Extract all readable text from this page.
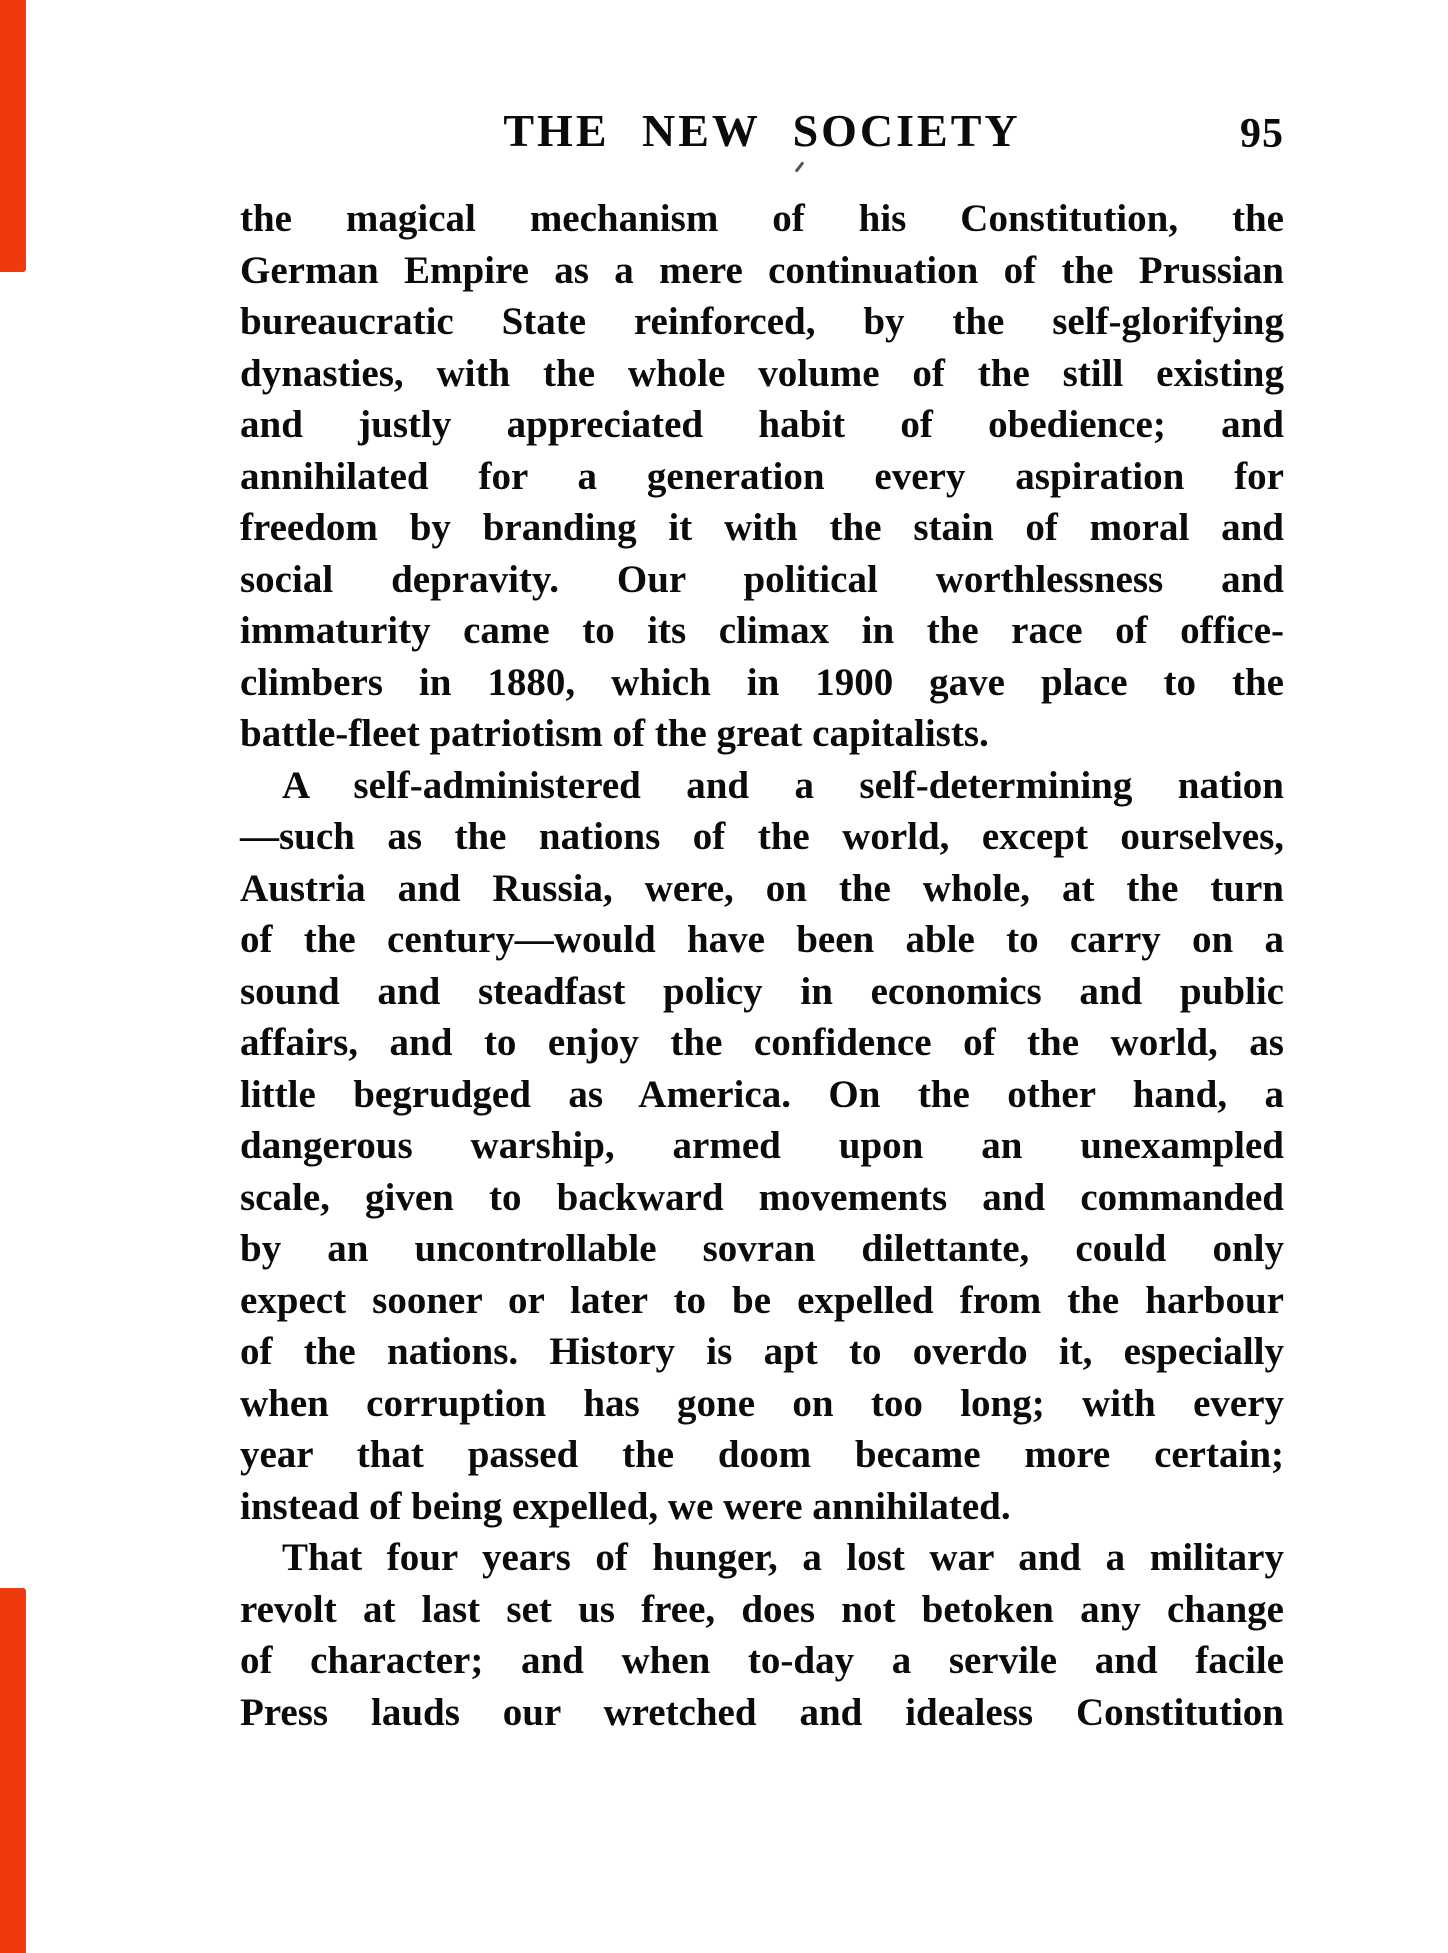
THE NEW SOCIETY	95
the magical mechanism of his Constitution, the
German Empire as a mere continuation of the Prussian
bureaucratic State reinforced, by the self-glorifying
dynasties, with the whole volume of the still existing
and justly appreciated habit of obedience; and
annihilated for a generation every aspiration for
freedom by branding it with the stain of moral and
social depravity. Our political worthlessness and
immaturity came to its climax in the race of office-
climbers in 1880, which in 1900 gave place to the
battle-fleet patriotism of the great capitalists.
A self-administered and a self-determining nation
—such as the nations of the world, except ourselves,
Austria and Russia, were, on the whole, at the turn
of the century—would have been able to carry on a
sound and steadfast policy in economics and public
affairs, and to enjoy the confidence of the world, as
little begrudged as America. On the other hand, a
dangerous warship, armed upon an unexampled
scale, given to backward movements and commanded
by an uncontrollable sovran dilettante, could only
expect sooner or later to be expelled from the harbour
of the nations. History is apt to overdo it, especially
when corruption has gone on too long; with every
year that passed the doom became more certain;
instead of being expelled, we were annihilated.
That four years of hunger, a lost war and a military
revolt at last set us free, does not betoken any change
of character; and when to-day a servile and facile
Press lauds our wretched and idealess Constitution
